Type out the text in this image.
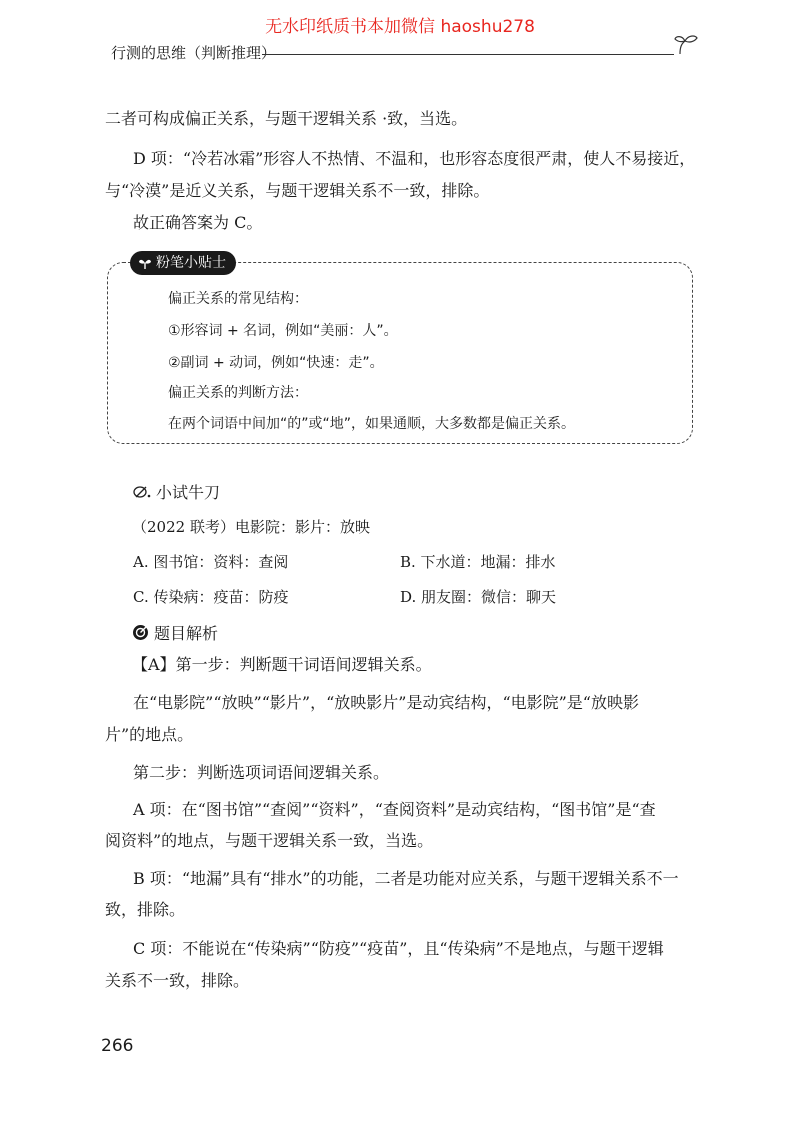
无水印纸质书本加微信 haoshu278
行测的思维（判断推理）
二者可构成偏正关系，与题干逻辑关系 ·致，当选。
D 项：“冷若冰霜”形容人不热情、不温和，也形容态度很严肃，使人不易接近，
与“冷漠”是近义关系，与题干逻辑关系不一致，排除。
故正确答案为 C。
粉笔小贴士
偏正关系的常见结构：
①形容词 + 名词，例如“美丽：人”。
②副词 + 动词，例如“快速：走”。
偏正关系的判断方法：
在两个词语中间加“的”或“地”，如果通顺，大多数都是偏正关系。
小试牛刀
（2022 联考）电影院：影片：放映
A. 图书馆：资料：查阅	B. 下水道：地漏：排水
C. 传染病：疫苗：防疫	D. 朋友圈：微信：聊天
题目解析
【A】第一步：判断题干词语间逻辑关系。
在“电影院”“放映”“影片”，“放映影片”是动宾结构，“电影院”是“放映影
片”的地点。
第二步：判断选项词语间逻辑关系。
A 项：在“图书馆”“查阅”“资料”，“查阅资料”是动宾结构，“图书馆”是“查
阅资料”的地点，与题干逻辑关系一致，当选。
B 项：“地漏”具有“排水”的功能，二者是功能对应关系，与题干逻辑关系不一
致，排除。
C 项：不能说在“传染病”“防疫”“疫苗”，且“传染病”不是地点，与题干逻辑
关系不一致，排除。
266
